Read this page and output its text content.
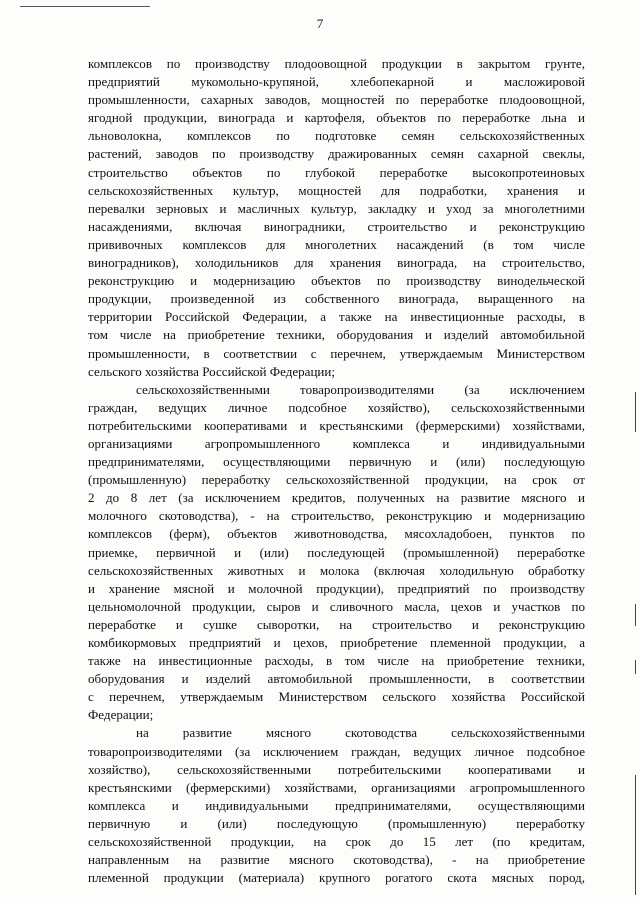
7

комплексов по производству плодоовощной продукции в закрытом грунте,

предприятий мукомольно-крупяной, хлебопекарной и масложировой

промышленности, сахарных заводов, мощностей по переработке плодоовощной,

ягодной продукции, винограда и картофеля, объектов по переработке льна и

льноволокна, комплексов по подготовке семян сельскохозяйственных

растений, заводов по производству дражированных семян сахарной свеклы,

строительство объектов по глубокой переработке высокопротеиновых

сельскохозяйственных культур, мощностей для подработки, хранения и

перевалки зерновых и масличных культур, закладку и уход за многолетними

насаждениями, включая виноградники, строительство и реконструкцию

прививочных комплексов для многолетних насаждений (в том числе

виноградников), холодильников для хранения винограда, на строительство,

реконструкцию и модернизацию объектов по производству винодельческой

продукции, произведенной из собственного винограда, выращенного на

территории Российской Федерации, а также на инвестиционные расходы, в

том числе на приобретение техники, оборудования и изделий автомобильной

промышленности, в соответствии с перечнем, утверждаемым Министерством

сельского хозяйства Российской Федерации;

сельскохозяйственными товаропроизводителями (за исключением

граждан, ведущих личное подсобное хозяйство), сельскохозяйственными

потребительскими кооперативами и крестьянскими (фермерскими) хозяйствами,

организациями агропромышленного комплекса и индивидуальными

предпринимателями, осуществляющими первичную и (или) последующую

(промышленную) переработку сельскохозяйственной продукции, на срок от

2 до 8 лет (за исключением кредитов, полученных на развитие мясного и

молочного скотоводства), - на строительство, реконструкцию и модернизацию

комплексов (ферм), объектов животноводства, мясохладобоен, пунктов по

приемке, первичной и (или) последующей (промышленной) переработке

сельскохозяйственных животных и молока (включая холодильную обработку

и хранение мясной и молочной продукции), предприятий по производству

цельномолочной продукции, сыров и сливочного масла, цехов и участков по

переработке и сушке сыворотки, на строительство и реконструкцию

комбикормовых предприятий и цехов, приобретение племенной продукции, а

также на инвестиционные расходы, в том числе на приобретение техники,

оборудования и изделий автомобильной промышленности, в соответствии

с перечнем, утверждаемым Министерством сельского хозяйства Российской

Федерации;

на развитие мясного скотоводства сельскохозяйственными

товаропроизводителями (за исключением граждан, ведущих личное подсобное

хозяйство), сельскохозяйственными потребительскими кооперативами и

крестьянскими (фермерскими) хозяйствами, организациями агропромышленного

комплекса и индивидуальными предпринимателями, осуществляющими

первичную и (или) последующую (промышленную) переработку

сельскохозяйственной продукции, на срок до 15 лет (по кредитам,

направленным на развитие мясного скотоводства), - на приобретение

племенной продукции (материала) крупного рогатого скота мясных пород,
